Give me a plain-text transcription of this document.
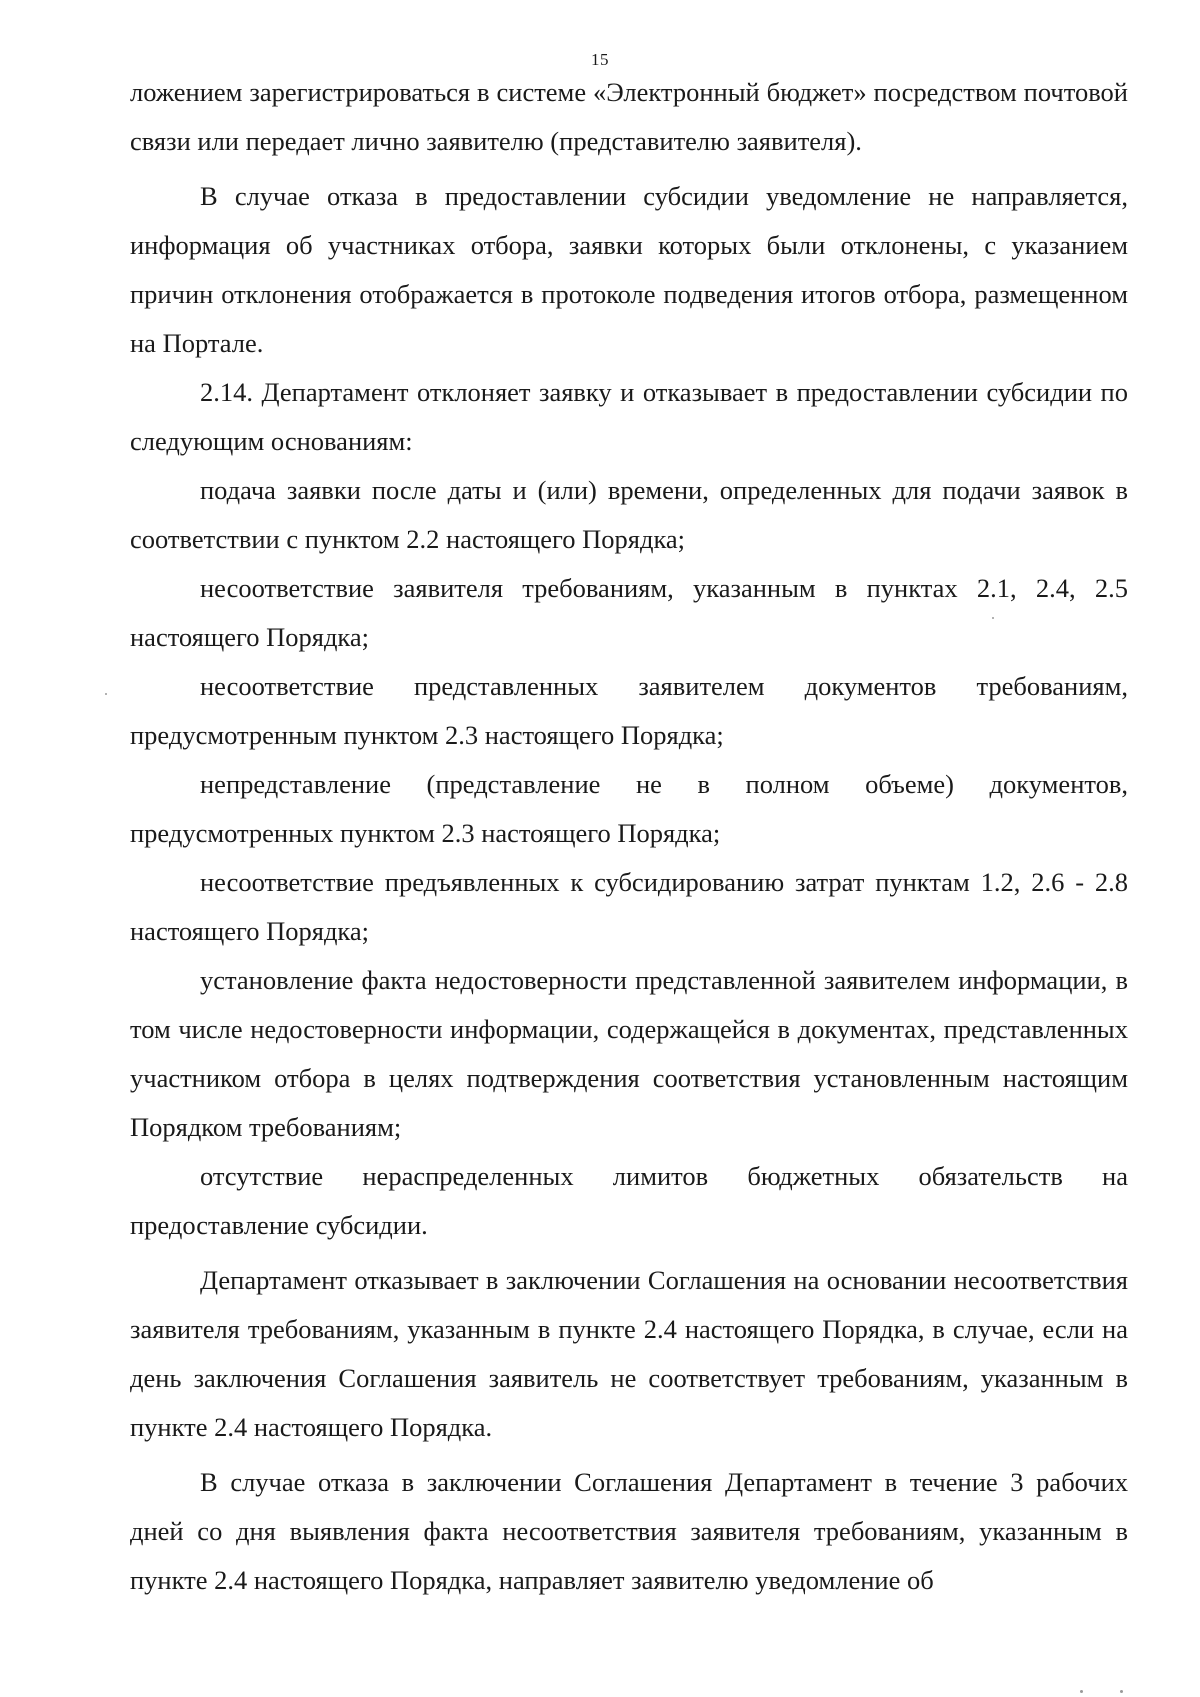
15

ложением зарегистрироваться в системе «Электронный бюджет» посредством почтовой связи или передает лично заявителю (представителю заявителя).

В случае отказа в предоставлении субсидии уведомление не направляется, информация об участниках отбора, заявки которых были отклонены, с указанием причин отклонения отображается в протоколе подведения итогов отбора, размещенном на Портале.

2.14. Департамент отклоняет заявку и отказывает в предоставлении субсидии по следующим основаниям:

подача заявки после даты и (или) времени, определенных для подачи заявок в соответствии с пунктом 2.2 настоящего Порядка;

несоответствие заявителя требованиям, указанным в пунктах 2.1, 2.4, 2.5 настоящего Порядка;

несоответствие представленных заявителем документов требованиям, предусмотренным пунктом 2.3 настоящего Порядка;

непредставление (представление не в полном объеме) документов, предусмотренных пунктом 2.3 настоящего Порядка;

несоответствие предъявленных к субсидированию затрат пунктам 1.2, 2.6 - 2.8 настоящего Порядка;

установление факта недостоверности представленной заявителем информации, в том числе недостоверности информации, содержащейся в документах, представленных участником отбора в целях подтверждения соответствия установленным настоящим Порядком требованиям;

отсутствие нераспределенных лимитов бюджетных обязательств на предоставление субсидии.

Департамент отказывает в заключении Соглашения на основании несоответствия заявителя требованиям, указанным в пункте 2.4 настоящего Порядка, в случае, если на день заключения Соглашения заявитель не соответствует требованиям, указанным в пункте 2.4 настоящего Порядка.

В случае отказа в заключении Соглашения Департамент в течение 3 рабочих дней со дня выявления факта несоответствия заявителя требованиям, указанным в пункте 2.4 настоящего Порядка, направляет заявителю уведомление об
